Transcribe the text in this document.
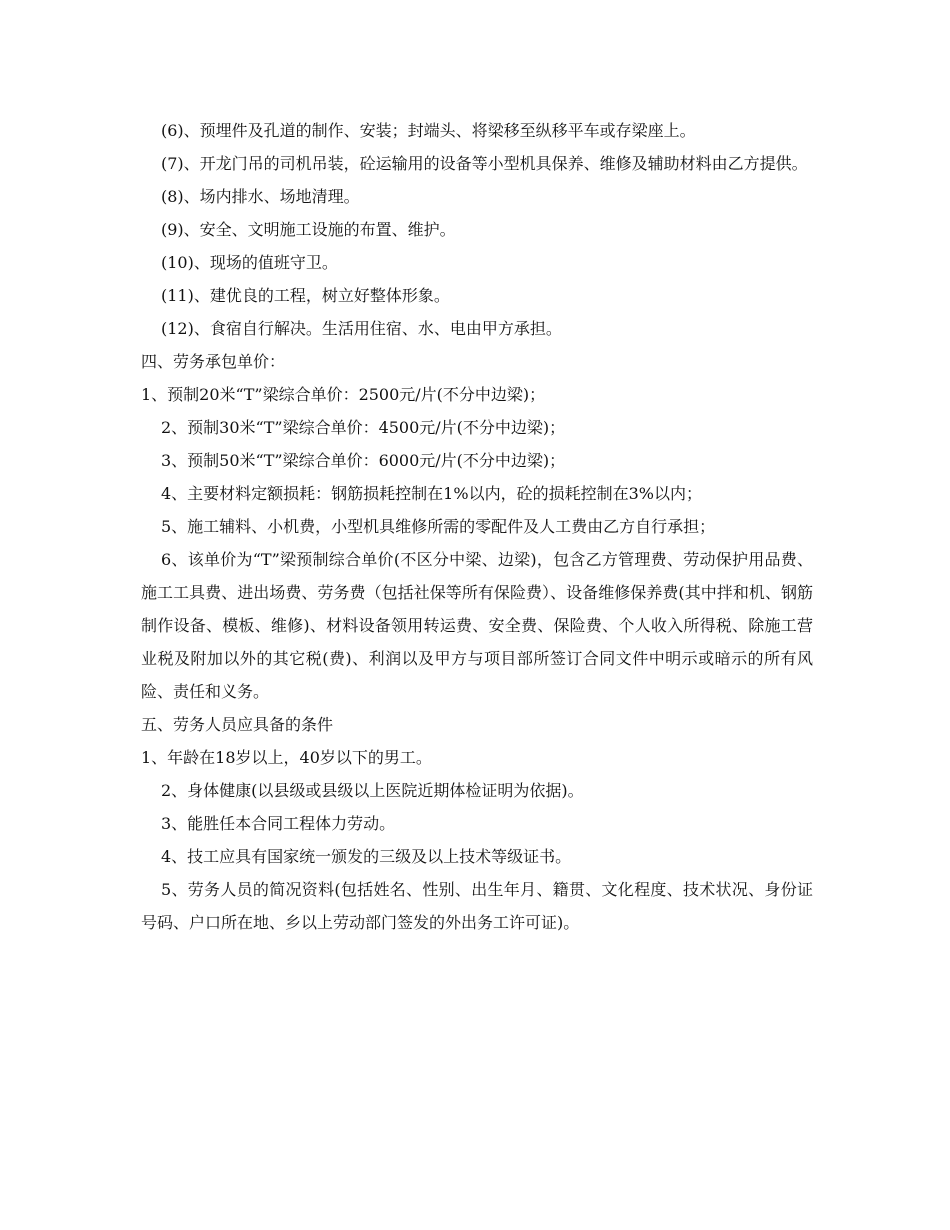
(6)、预埋件及孔道的制作、安装；封端头、将梁移至纵移平车或存梁座上。

(7)、开龙门吊的司机吊装，砼运输用的设备等小型机具保养、维修及辅助材料由乙方提供。

(8)、场内排水、场地清理。

(9)、安全、文明施工设施的布置、维护。

(10)、现场的值班守卫。

(11)、建优良的工程，树立好整体形象。

(12)、食宿自行解决。生活用住宿、水、电由甲方承担。

四、劳务承包单价：

1、预制20米“T”梁综合单价：2500元/片(不分中边梁)；

2、预制30米“T”梁综合单价：4500元/片(不分中边梁)；

3、预制50米“T”梁综合单价：6000元/片(不分中边梁)；

4、主要材料定额损耗：钢筋损耗控制在1%以内，砼的损耗控制在3%以内；

5、施工辅料、小机费，小型机具维修所需的零配件及人工费由乙方自行承担；

6、该单价为“T”梁预制综合单价(不区分中梁、边梁)，包含乙方管理费、劳动保护用品费、施工工具费、进出场费、劳务费（包括社保等所有保险费）、设备维修保养费(其中拌和机、钢筋制作设备、模板、维修)、材料设备领用转运费、安全费、保险费、个人收入所得税、除施工营业税及附加以外的其它税(费)、利润以及甲方与项目部所签订合同文件中明示或暗示的所有风险、责任和义务。

五、劳务人员应具备的条件

1、年龄在18岁以上，40岁以下的男工。

2、身体健康(以县级或县级以上医院近期体检证明为依据)。

3、能胜任本合同工程体力劳动。

4、技工应具有国家统一颁发的三级及以上技术等级证书。

5、劳务人员的简况资料(包括姓名、性别、出生年月、籍贯、文化程度、技术状况、身份证号码、户口所在地、乡以上劳动部门签发的外出务工许可证)。
